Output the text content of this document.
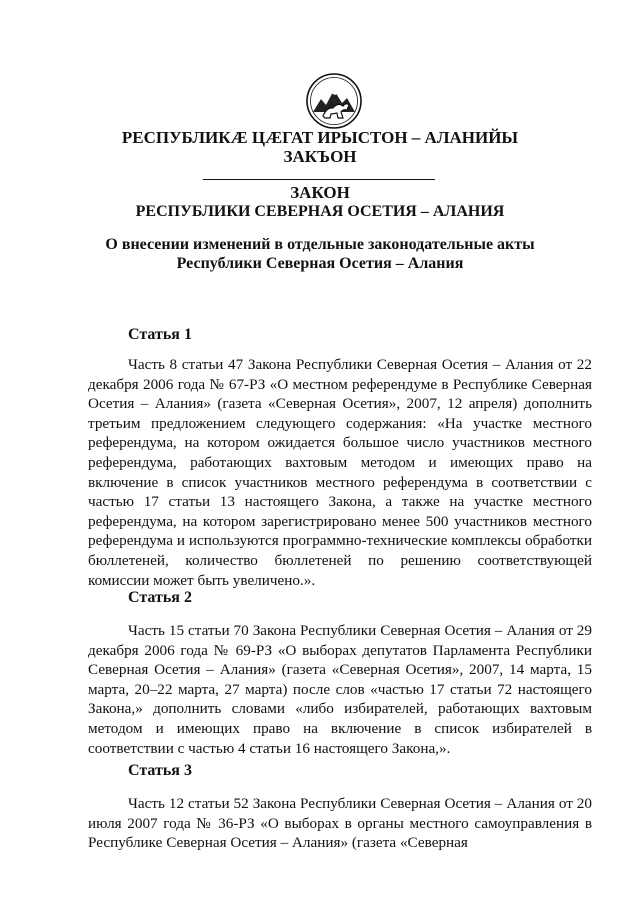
РЕСПУБЛИКӔ ЦӔГАТ ИРЫСТОН – АЛАНИЙЫ
ЗАКЪОН
ЗАКОН
РЕСПУБЛИКИ СЕВЕРНАЯ ОСЕТИЯ – АЛАНИЯ
О внесении изменений в отдельные законодательные акты
Республики Северная Осетия – Алания
Статья 1

Часть 8 статьи 47 Закона Республики Северная Осетия – Алания от 22 декабря 2006 года № 67-РЗ «О местном референдуме в Республике Северная Осетия – Алания» (газета «Северная Осетия», 2007, 12 апреля) дополнить третьим предложением следующего содержания: «На участке местного референдума, на котором ожидается большое число участников местного референдума, работающих вахтовым методом и имеющих право на включение в список участников местного референдума в соответствии с частью 17 статьи 13 настоящего Закона, а также на участке местного референдума, на котором зарегистрировано менее 500 участников местного референдума и используются программно-технические комплексы обработки бюллетеней, количество бюллетеней по решению соответствующей комиссии может быть увеличено.».

Статья 2

Часть 15 статьи 70 Закона Республики Северная Осетия – Алания от 29 декабря 2006 года № 69-РЗ «О выборах депутатов Парламента Республики Северная Осетия – Алания» (газета «Северная Осетия», 2007, 14 марта, 15 марта, 20–22 марта, 27 марта) после слов «частью 17 статьи 72 настоящего Закона,» дополнить словами «либо избирателей, работающих вахтовым методом и имеющих право на включение в список избирателей в соответствии с частью 4 статьи 16 настоящего Закона,».

Статья 3

Часть 12 статьи 52 Закона Республики Северная Осетия – Алания от 20 июля 2007 года № 36-РЗ «О выборах в органы местного самоуправления в Республике Северная Осетия – Алания» (газета «Северная
